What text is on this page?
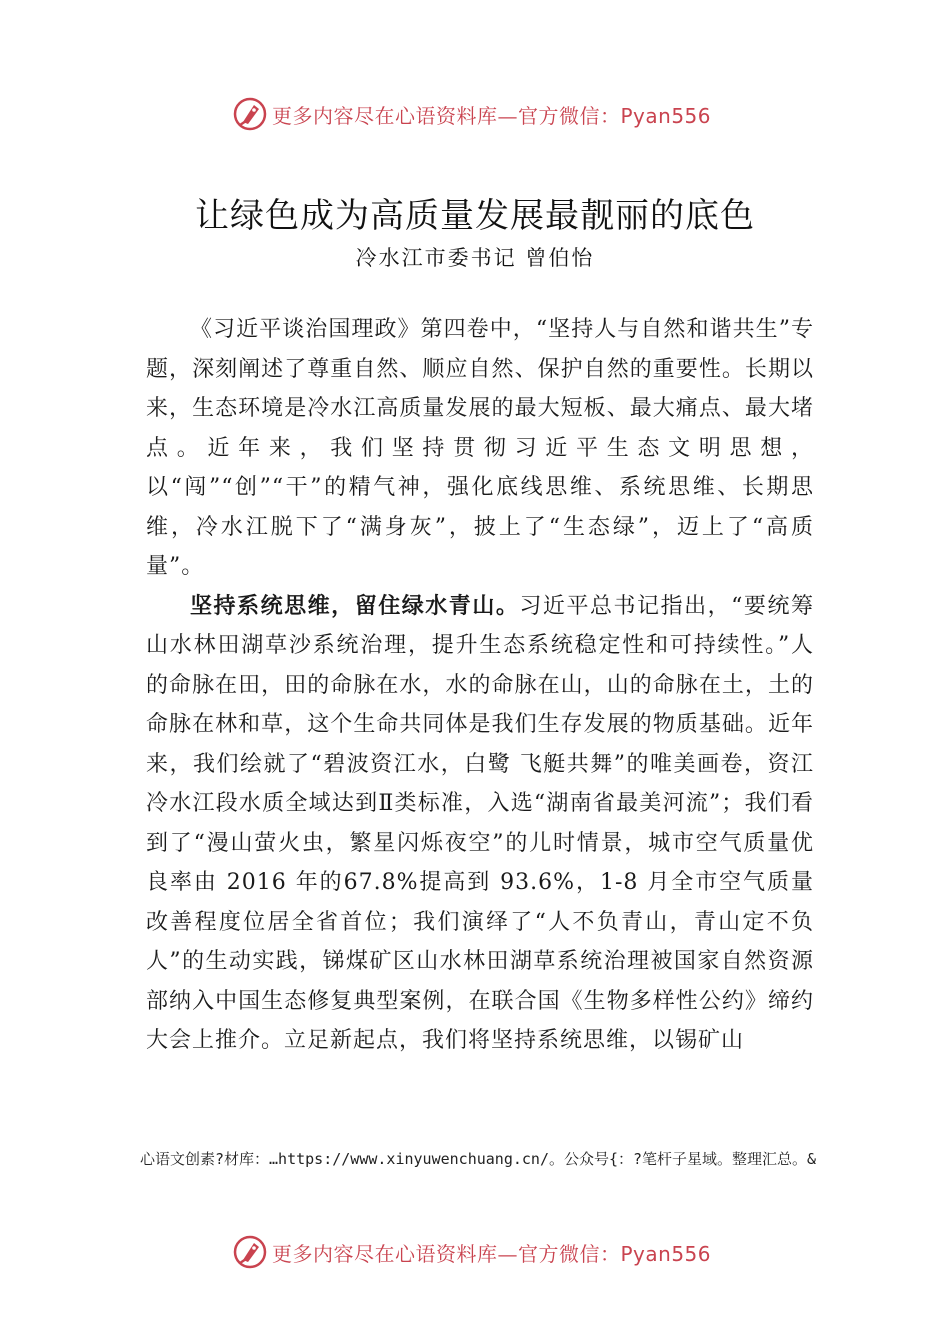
更多内容尽在心语资料库—官方微信：Pyan556
让绿色成为高质量发展最靓丽的底色
冷水江市委书记 曾伯怡

《习近平谈治国理政》第四卷中，“坚持人与自然和谐共生”专题，深刻阐述了尊重自然、顺应自然、保护自然的重要性。长期以来，生态环境是冷水江高质量发展的最大短板、最大痛点、最大堵点。近年来，我们坚持贯彻习近平生态文明思想，以“闯”“创”“干”的精气神，强化底线思维、系统思维、长期思维，冷水江脱下了“满身灰”，披上了“生态绿”，迈上了“高质量”。

坚持系统思维，留住绿水青山。习近平总书记指出，“要统筹山水林田湖草沙系统治理，提升生态系统稳定性和可持续性。”人的命脉在田，田的命脉在水，水的命脉在山，山的命脉在土，土的命脉在林和草，这个生命共同体是我们生存发展的物质基础。近年来，我们绘就了“碧波资江水，白鹭 飞艇共舞”的唯美画卷，资江冷水江段水质全域达到Ⅱ类标准，入选“湖南省最美河流”；我们看到了“漫山萤火虫，繁星闪烁夜空”的儿时情景，城市空气质量优良率由 2016 年的67.8%提高到 93.6%，1-8 月全市空气质量改善程度位居全省首位；我们演绎了“人不负青山，青山定不负人”的生动实践，锑煤矿区山水林田湖草系统治理被国家自然资源部纳入中国生态修复典型案例，在联合国《生物多样性公约》缔约大会上推介。立足新起点，我们将坚持系统思维，以锡矿山

心语文创素?材库：…https://www.xinyuwenchuang.cn/。公众号{：?笔杆子星域。整理汇总。&
更多内容尽在心语资料库—官方微信：Pyan556
